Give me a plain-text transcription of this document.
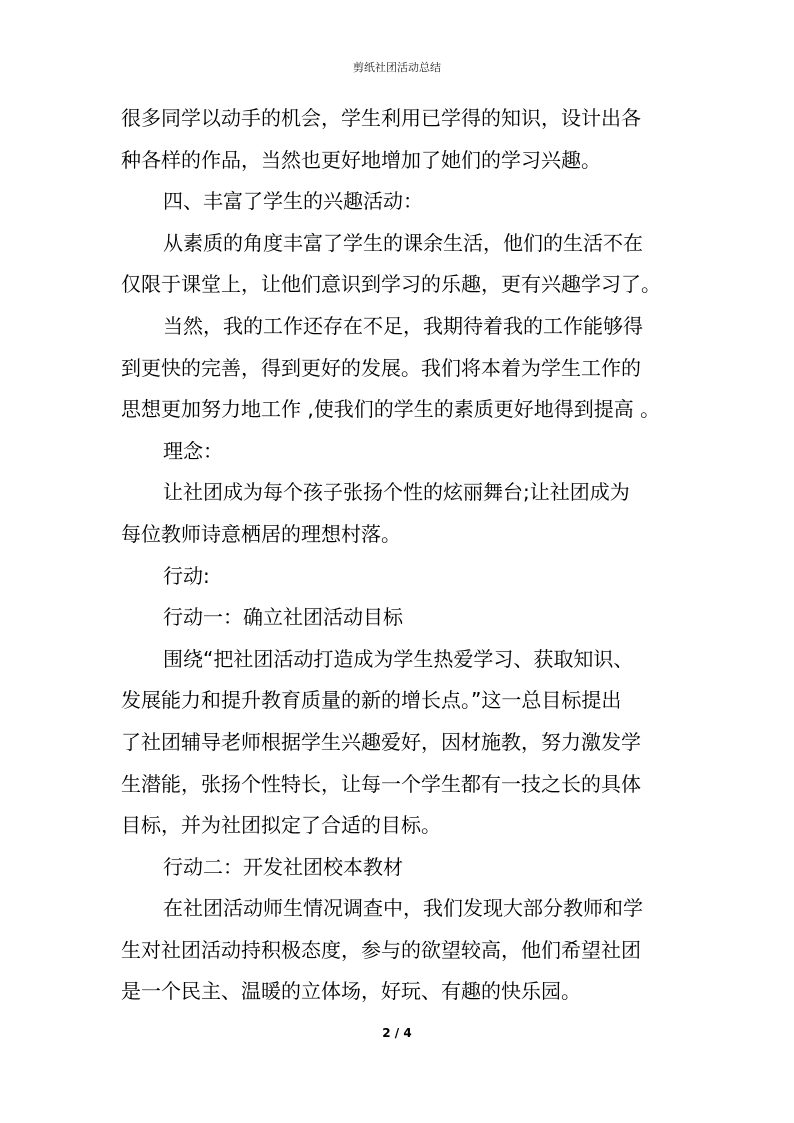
剪纸社团活动总结
很多同学以动手的机会，学生利用已学得的知识，设计出各
种各样的作品，当然也更好地增加了她们的学习兴趣。
四、丰富了学生的兴趣活动：
从素质的角度丰富了学生的课余生活，他们的生活不在
仅限于课堂上，让他们意识到学习的乐趣，更有兴趣学习了。
当然，我的工作还存在不足，我期待着我的工作能够得
到更快的完善，得到更好的发展。我们将本着为学生工作的
思想更加努力地工作 ,使我们的学生的素质更好地得到提高 。
理念：
让社团成为每个孩子张扬个性的炫丽舞台;让社团成为
每位教师诗意栖居的理想村落。
行动:
行动一：确立社团活动目标
围绕“把社团活动打造成为学生热爱学习、获取知识、
发展能力和提升教育质量的新的增长点。”这一总目标提出
了社团辅导老师根据学生兴趣爱好，因材施教，努力激发学
生潜能，张扬个性特长，让每一个学生都有一技之长的具体
目标，并为社团拟定了合适的目标。
行动二：开发社团校本教材
在社团活动师生情况调查中，我们发现大部分教师和学
生对社团活动持积极态度，参与的欲望较高，他们希望社团
是一个民主、温暖的立体场，好玩、有趣的快乐园。
2 / 4
